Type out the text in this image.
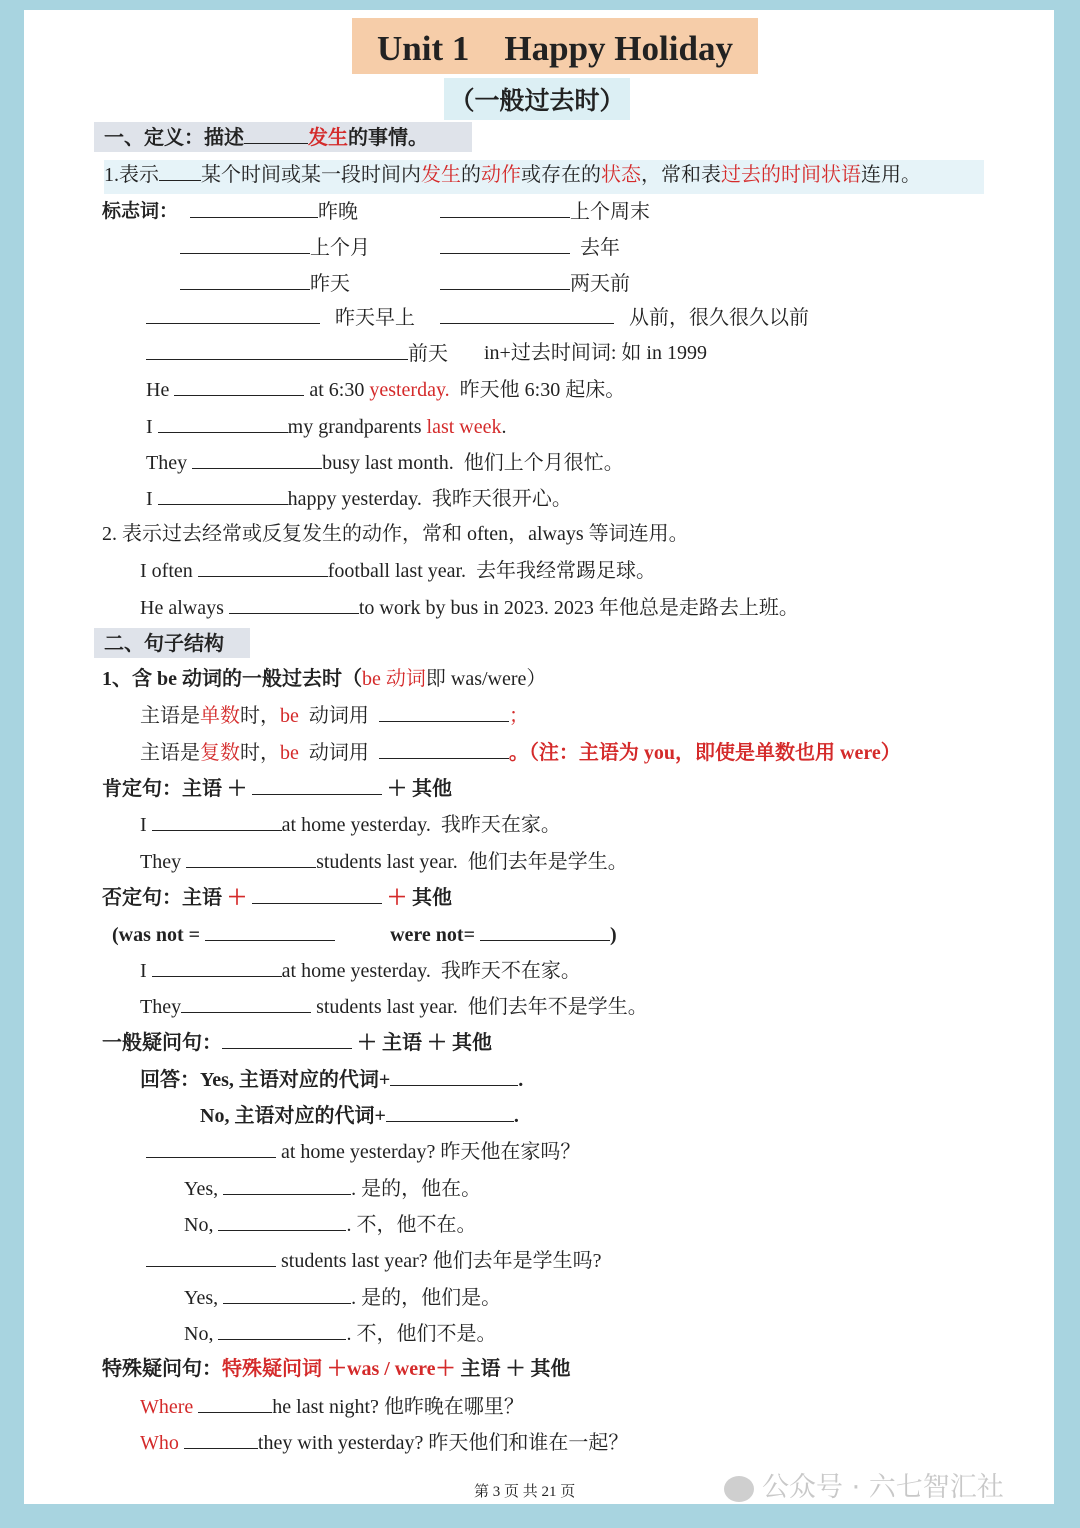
Unit 1　Happy Holiday
（一般过去时）
一、定义：描述	发生的事情。
1.表示 某个时间或某一段时间内发生的动作或存在的状态，常和表过去的时间状语连用。
标志词：	昨晚	上个周末
上个月	去年
昨天	两天前
昨天早上	从前，很久很久以前
前天 in+过去时间词: 如 in 1999
He	at 6:30 yesterday. 昨天他 6:30 起床。
I	my grandparents last week.
They	busy last month. 他们上个月很忙。
I	happy yesterday. 我昨天很开心。
2. 表示过去经常或反复发生的动作，常和 often，always 等词连用。
I often	football last year. 去年我经常踢足球。
He always	to work by bus in 2023. 2023 年他总是走路去上班。
二、句子结构
1、含 be 动词的一般过去时（be 动词即 was/were）
主语是单数时，be 动词用	；
主语是复数时，be 动词用	。（注：主语为 you，即使是单数也用 were）
肯定句：主语 ＋	＋ 其他
I	at home yesterday. 我昨天在家。
They	students last year. 他们去年是学生。
否定句：主语 ＋	＋ 其他
(was not =	were not=	)
I	at home yesterday. 我昨天不在家。
They	students last year. 他们去年不是学生。
一般疑问句：	＋ 主语 ＋ 其他
回答：Yes, 主语对应的代词+	.
No, 主语对应的代词+	.
at home yesterday? 昨天他在家吗？
Yes,	. 是的，他在。
No,	. 不，他不在。
students last year? 他们去年是学生吗?
Yes,	. 是的，他们是。
No,	. 不，他们不是。
特殊疑问句：特殊疑问词 ＋was / were＋ 主语 ＋ 其他
Where	he last night? 他昨晚在哪里？
Who	they with yesterday? 昨天他们和谁在一起？
第 3 页 共 21 页	公众号 · 六七智汇社
